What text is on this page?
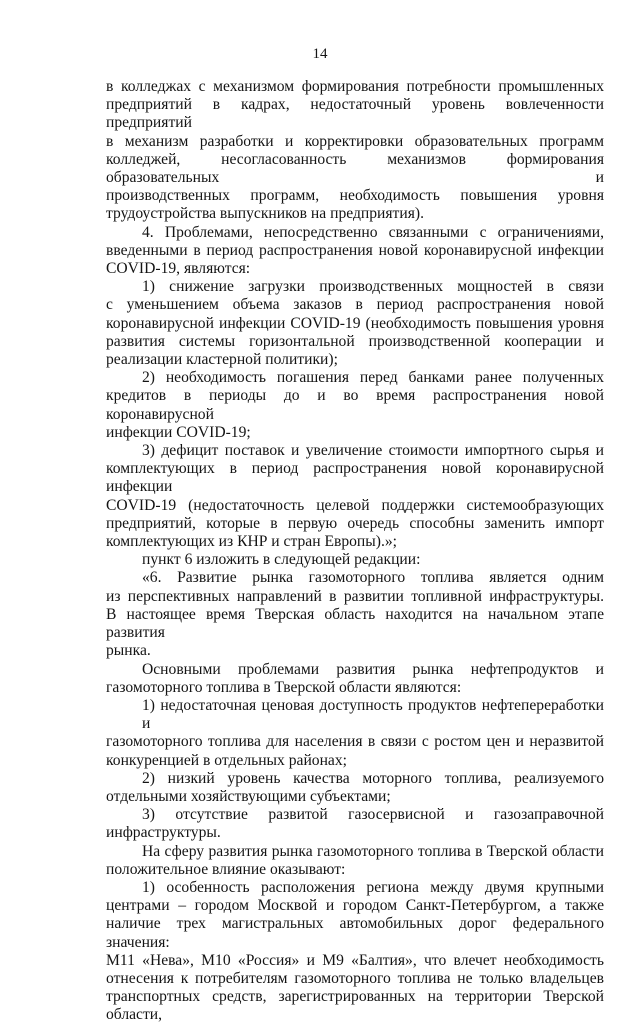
14

в колледжах с механизмом формирования потребности промышленных

предприятий в кадрах, недостаточный уровень вовлеченности предприятий

в механизм разработки и корректировки образовательных программ

колледжей, несогласованность механизмов формирования образовательных и

производственных программ, необходимость повышения уровня

трудоустройства выпускников на предприятия).

4. Проблемами, непосредственно связанными с ограничениями,

введенными в период распространения новой коронавирусной инфекции

COVID-19, являются:

1) снижение загрузки производственных мощностей в связи

с уменьшением объема заказов в период распространения новой

коронавирусной инфекции COVID-19 (необходимость повышения уровня

развития системы горизонтальной производственной кооперации и

реализации кластерной политики);

2) необходимость погашения перед банками ранее полученных

кредитов в периоды до и во время распространения новой коронавирусной

инфекции COVID-19;

3) дефицит поставок и увеличение стоимости импортного сырья и

комплектующих в период распространения новой коронавирусной инфекции

COVID-19 (недостаточность целевой поддержки системообразующих

предприятий, которые в первую очередь способны заменить импорт

комплектующих из КНР и стран Европы).»;

пункт 6 изложить в следующей редакции:

«6. Развитие рынка газомоторного топлива является одним

из перспективных направлений в развитии топливной инфраструктуры.

В настоящее время Тверская область находится на начальном этапе развития

рынка.

Основными проблемами развития рынка нефтепродуктов и

газомоторного топлива в Тверской области являются:

1) недостаточная ценовая доступность продуктов нефтепереработки и

газомоторного топлива для населения в связи с ростом цен и неразвитой

конкуренцией в отдельных районах;

2) низкий уровень качества моторного топлива, реализуемого

отдельными хозяйствующими субъектами;

3) отсутствие развитой газосервисной и газозаправочной

инфраструктуры.

На сферу развития рынка газомоторного топлива в Тверской области

положительное влияние оказывают:

1) особенность расположения региона между двумя крупными

центрами – городом Москвой и городом Санкт-Петербургом, а также

наличие трех магистральных автомобильных дорог федерального значения:

М11 «Нева», М10 «Россия» и М9 «Балтия», что влечет необходимость

отнесения к потребителям газомоторного топлива не только владельцев

транспортных средств, зарегистрированных на территории Тверской области,
